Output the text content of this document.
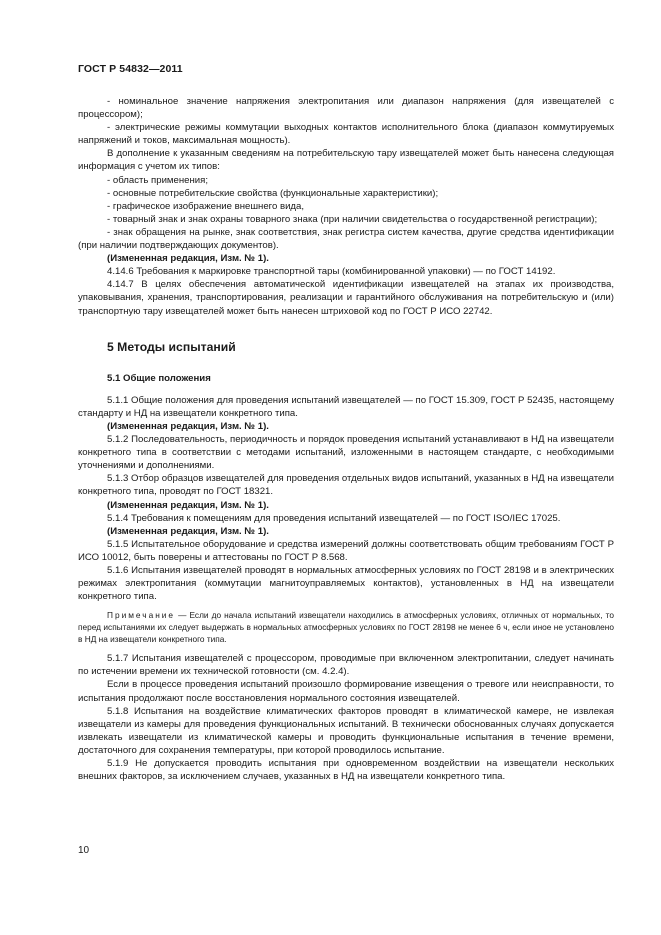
ГОСТ Р 54832—2011

- номинальное значение напряжения электропитания или диапазон напряжения (для извещателей с процессором);

- электрические режимы коммутации выходных контактов исполнительного блока (диапазон коммутируемых напряжений и токов, максимальная мощность).

В дополнение к указанным сведениям на потребительскую тару извещателей может быть нанесена следующая информация с учетом их типов:

- область применения;

- основные потребительские свойства (функциональные характеристики);

- графическое изображение внешнего вида,

- товарный знак и знак охраны товарного знака (при наличии свидетельства о государственной регистрации);

- знак обращения на рынке, знак соответствия, знак регистра систем качества, другие средства идентификации (при наличии подтверждающих документов).

(Измененная редакция, Изм. № 1).

4.14.6 Требования к маркировке транспортной тары (комбинированной упаковки) — по ГОСТ 14192.

4.14.7 В целях обеспечения автоматической идентификации извещателей на этапах их производства, упаковывания, хранения, транспортирования, реализации и гарантийного обслуживания на потребительскую и (или) транспортную тару извещателей может быть нанесен штриховой код по ГОСТ Р ИСО 22742.

5 Методы испытаний

5.1 Общие положения

5.1.1 Общие положения для проведения испытаний извещателей — по ГОСТ 15.309, ГОСТ Р 52435, настоящему стандарту и НД на извещатели конкретного типа.

(Измененная редакция, Изм. № 1).

5.1.2 Последовательность, периодичность и порядок проведения испытаний устанавливают в НД на извещатели конкретного типа в соответствии с методами испытаний, изложенными в настоящем стандарте, с необходимыми уточнениями и дополнениями.

5.1.3 Отбор образцов извещателей для проведения отдельных видов испытаний, указанных в НД на извещатели конкретного типа, проводят по ГОСТ 18321.

(Измененная редакция, Изм. № 1).

5.1.4 Требования к помещениям для проведения испытаний извещателей — по ГОСТ ISO/IEC 17025.

(Измененная редакция, Изм. № 1).

5.1.5 Испытательное оборудование и средства измерений должны соответствовать общим требованиям ГОСТ Р ИСО 10012, быть поверены и аттестованы по ГОСТ Р 8.568.

5.1.6 Испытания извещателей проводят в нормальных атмосферных условиях по ГОСТ 28198 и в электрических режимах электропитания (коммутации магнитоуправляемых контактов), установленных в НД на извещатели конкретного типа.

Примечание — Если до начала испытаний извещатели находились в атмосферных условиях, отличных от нормальных, то перед испытаниями их следует выдержать в нормальных атмосферных условиях по ГОСТ 28198 не менее 6 ч, если иное не установлено в НД на извещатели конкретного типа.

5.1.7 Испытания извещателей с процессором, проводимые при включенном электропитании, следует начинать по истечении времени их технической готовности (см. 4.2.4).

Если в процессе проведения испытаний произошло формирование извещения о тревоге или неисправности, то испытания продолжают после восстановления нормального состояния извещателей.

5.1.8 Испытания на воздействие климатических факторов проводят в климатической камере, не извлекая извещатели из камеры для проведения функциональных испытаний. В технически обоснованных случаях допускается извлекать извещатели из климатической камеры и проводить функциональные испытания в течение времени, достаточного для сохранения температуры, при которой проводилось испытание.

5.1.9 Не допускается проводить испытания при одновременном воздействии на извещатели нескольких внешних факторов, за исключением случаев, указанных в НД на извещатели конкретного типа.

10
